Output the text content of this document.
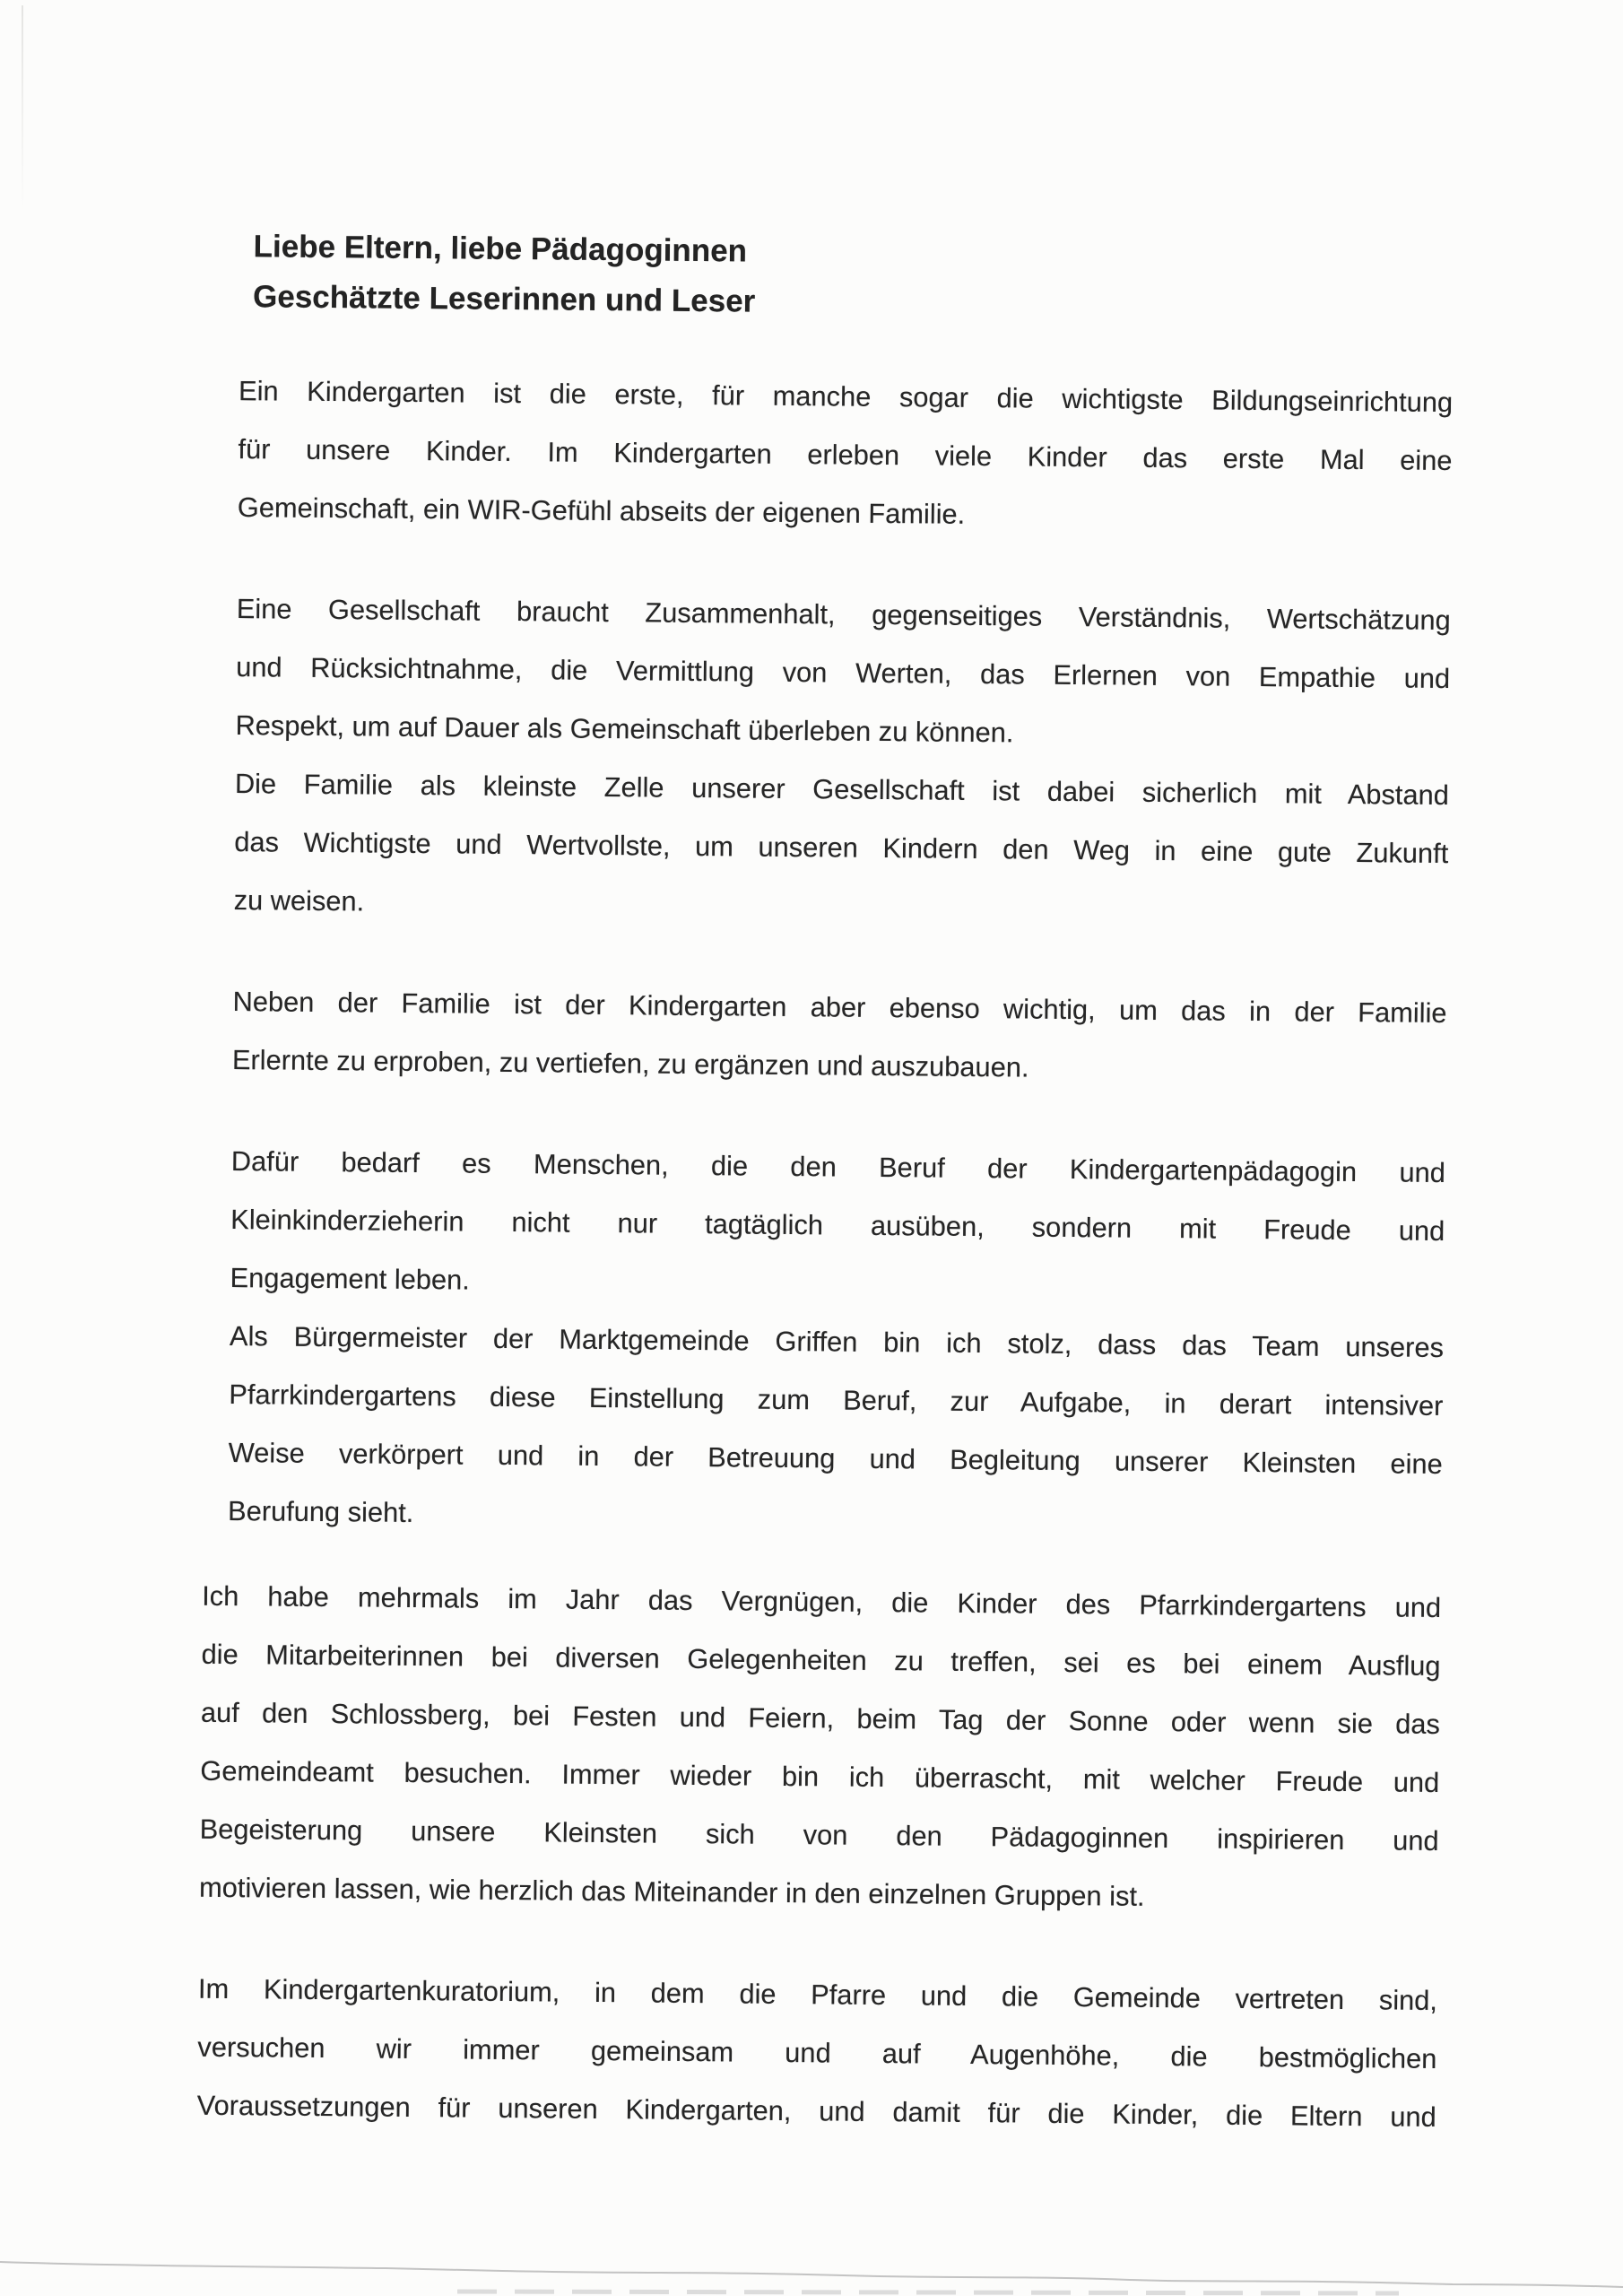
Liebe Eltern, liebe Pädagoginnen
Geschätzte Leserinnen und Leser

Ein Kindergarten ist die erste, für manche sogar die wichtigste Bildungseinrichtung
für unsere Kinder. Im Kindergarten erleben viele Kinder das erste Mal eine
Gemeinschaft, ein WIR-Gefühl abseits der eigenen Familie.

Eine Gesellschaft braucht Zusammenhalt, gegenseitiges Verständnis, Wertschätzung
und Rücksichtnahme, die Vermittlung von Werten, das Erlernen von Empathie und
Respekt, um auf Dauer als Gemeinschaft überleben zu können.

Die Familie als kleinste Zelle unserer Gesellschaft ist dabei sicherlich mit Abstand
das Wichtigste und Wertvollste, um unseren Kindern den Weg in eine gute Zukunft
zu weisen.

Neben der Familie ist der Kindergarten aber ebenso wichtig, um das in der Familie
Erlernte zu erproben, zu vertiefen, zu ergänzen und auszubauen.

Dafür bedarf es Menschen, die den Beruf der Kindergartenpädagogin und
Kleinkinderzieherin nicht nur tagtäglich ausüben, sondern mit Freude und
Engagement leben.

Als Bürgermeister der Marktgemeinde Griffen bin ich stolz, dass das Team unseres
Pfarrkindergartens diese Einstellung zum Beruf, zur Aufgabe, in derart intensiver
Weise verkörpert und in der Betreuung und Begleitung unserer Kleinsten eine
Berufung sieht.

Ich habe mehrmals im Jahr das Vergnügen, die Kinder des Pfarrkindergartens und
die Mitarbeiterinnen bei diversen Gelegenheiten zu treffen, sei es bei einem Ausflug
auf den Schlossberg, bei Festen und Feiern, beim Tag der Sonne oder wenn sie das
Gemeindeamt besuchen. Immer wieder bin ich überrascht, mit welcher Freude und
Begeisterung unsere Kleinsten sich von den Pädagoginnen inspirieren und
motivieren lassen, wie herzlich das Miteinander in den einzelnen Gruppen ist.

Im Kindergartenkuratorium, in dem die Pfarre und die Gemeinde vertreten sind,
versuchen wir immer gemeinsam und auf Augenhöhe, die bestmöglichen
Voraussetzungen für unseren Kindergarten, und damit für die Kinder, die Eltern und
